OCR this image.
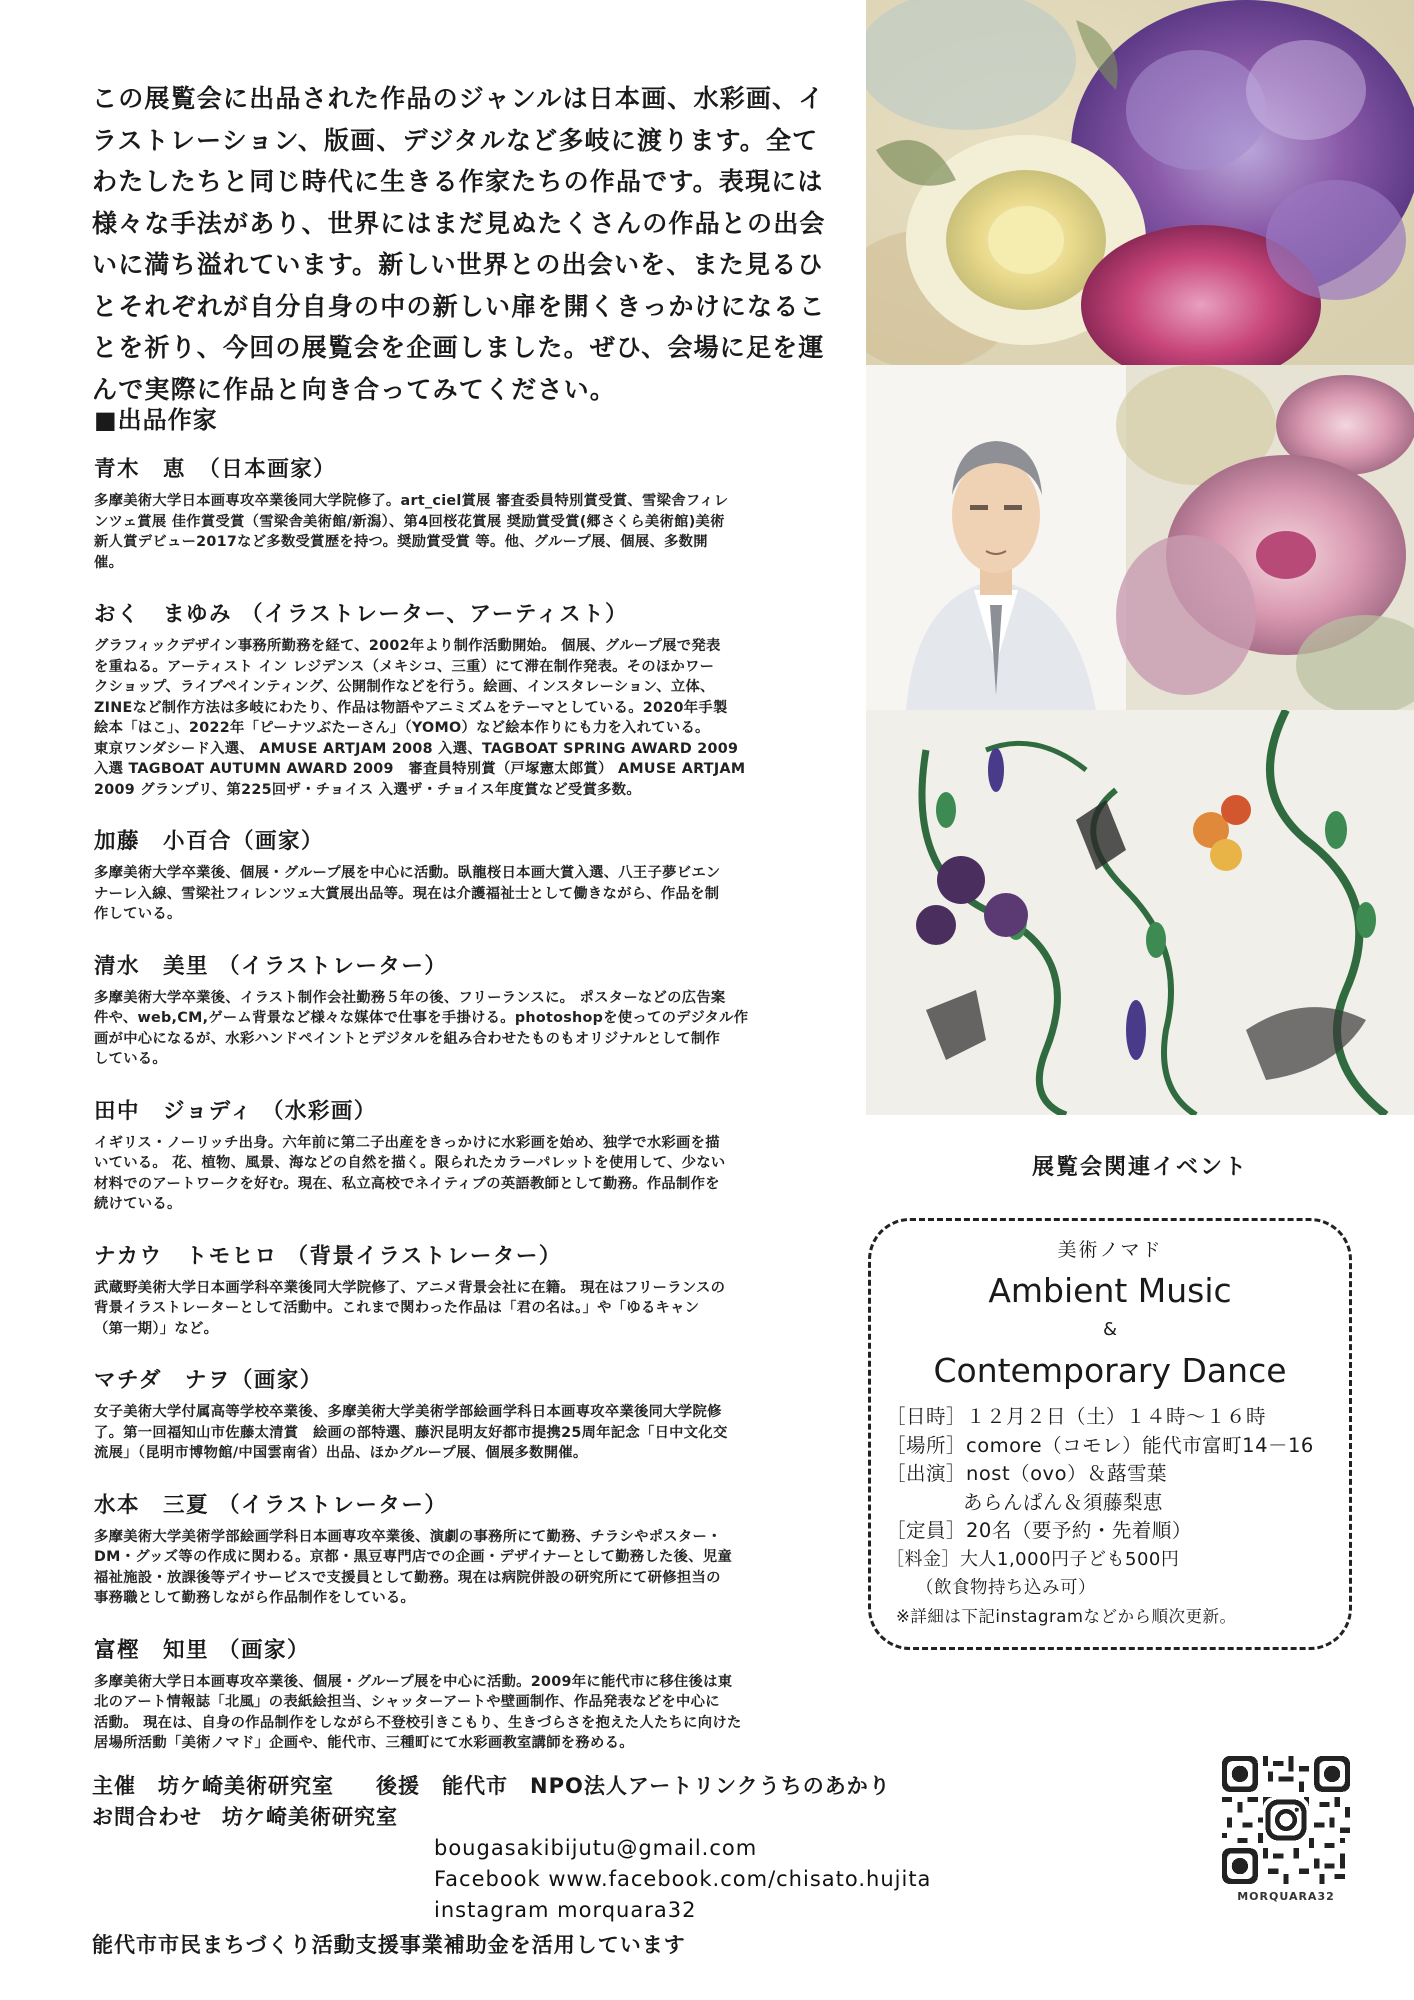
この展覧会に出品された作品のジャンルは日本画、水彩画、イ
ラストレーション、版画、デジタルなど多岐に渡ります。全て
わたしたちと同じ時代に生きる作家たちの作品です。表現には
様々な手法があり、世界にはまだ見ぬたくさんの作品との出会
いに満ち溢れています。新しい世界との出会いを、また見るひ
とそれぞれが自分自身の中の新しい扉を開くきっかけになるこ
とを祈り、今回の展覧会を企画しました。ぜひ、会場に足を運
んで実際に作品と向き合ってみてください。
■出品作家
青木　恵　（日本画家）
多摩美術大学日本画専攻卒業後同大学院修了。art_ciel賞展 審査委員特別賞受賞、雪梁舎フィレ
ンツェ賞展 佳作賞受賞（雪梁舎美術館/新潟）、第4回桜花賞展 奨励賞受賞(郷さくら美術館)美術
新人賞デビュー2017など多数受賞歴を持つ。奨励賞受賞 等。他、グループ展、個展、多数開
催。
おく　まゆみ （イラストレーター、アーティスト）
グラフィックデザイン事務所勤務を経て、2002年より制作活動開始。 個展、グループ展で発表
を重ねる。アーティスト イン レジデンス（メキシコ、三重）にて滞在制作発表。そのほかワー
クショップ、ライブペインティング、公開制作などを行う。絵画、インスタレーション、立体、
ZINEなど制作方法は多岐にわたり、作品は物語やアニミズムをテーマとしている。2020年手製
絵本「はこ」、2022年「ピーナツぶたーさん」（YOMO）など絵本作りにも力を入れている。
東京ワンダシード入選、 AMUSE ARTJAM 2008 入選、TAGBOAT SPRING AWARD 2009
入選 TAGBOAT AUTUMN AWARD 2009　審査員特別賞（戸塚憲太郎賞） AMUSE ARTJAM
2009 グランプリ、第225回ザ・チョイス 入選ザ・チョイス年度賞など受賞多数。
加藤　小百合（画家）
多摩美術大学卒業後、個展・グループ展を中心に活動。臥龍桜日本画大賞入選、八王子夢ビエン
ナーレ入線、雪梁社フィレンツェ大賞展出品等。現在は介護福祉士として働きながら、作品を制
作している。
清水　美里 （イラストレーター）
多摩美術大学卒業後、イラスト制作会社勤務５年の後、フリーランスに。 ポスターなどの広告案
件や、web,CM,ゲーム背景など様々な媒体で仕事を手掛ける。photoshopを使ってのデジタル作
画が中心になるが、水彩ハンドペイントとデジタルを組み合わせたものもオリジナルとして制作
している。
田中　ジョディ （水彩画）
イギリス・ノーリッチ出身。六年前に第二子出産をきっかけに水彩画を始め、独学で水彩画を描
いている。 花、植物、風景、海などの自然を描く。限られたカラーパレットを使用して、少ない
材料でのアートワークを好む。現在、私立高校でネイティブの英語教師として勤務。作品制作を
続けている。
ナカウ　トモヒロ （背景イラストレーター）
武蔵野美術大学日本画学科卒業後同大学院修了、アニメ背景会社に在籍。 現在はフリーランスの
背景イラストレーターとして活動中。これまで関わった作品は「君の名は。」や「ゆるキャン
（第一期）」など。
マチダ　ナヲ（画家）
女子美術大学付属高等学校卒業後、多摩美術大学美術学部絵画学科日本画専攻卒業後同大学院修
了。第一回福知山市佐藤太清賞　絵画の部特選、藤沢昆明友好都市提携25周年記念「日中文化交
流展」（昆明市博物館/中国雲南省）出品、ほかグループ展、個展多数開催。
水本　三夏 （イラストレーター）
多摩美術大学美術学部絵画学科日本画専攻卒業後、演劇の事務所にて勤務、チラシやポスター・
DM・グッズ等の作成に関わる。京都・黒豆専門店での企画・デザイナーとして勤務した後、児童
福祉施設・放課後等デイサービスで支援員として勤務。現在は病院併設の研究所にて研修担当の
事務職として勤務しながら作品制作をしている。
富樫　知里 （画家）
多摩美術大学日本画専攻卒業後、個展・グループ展を中心に活動。2009年に能代市に移住後は東
北のアート情報誌「北風」の表紙絵担当、シャッターアートや壁画制作、作品発表などを中心に
活動。 現在は、自身の作品制作をしながら不登校引きこもり、生きづらさを抱えた人たちに向けた
居場所活動「美術ノマド」企画や、能代市、三種町にて水彩画教室講師を務める。
主催 坊ケ崎美術研究室 後援 能代市　NPO法人アートリンクうちのあかり
お問合わせ 坊ケ崎美術研究室
bougasakibijutu@gmail.com
Facebook www.facebook.com/chisato.hujita
instagram morquara32
能代市市民まちづくり活動支援事業補助金を活用しています
展覧会関連イベント
美術ノマド
Ambient Music
&
Contemporary Dance
［日時］１２月２日（土）１４時〜１６時
［場所］comore（コモレ）能代市富町14－16
［出演］nost（ovo）＆蕗雪葉
あらんぱん＆須藤梨恵
［定員］20名（要予約・先着順）
［料金］大人1,000円子ども500円
（飲食物持ち込み可）
※詳細は下記instagramなどから順次更新。
MORQUARA32
